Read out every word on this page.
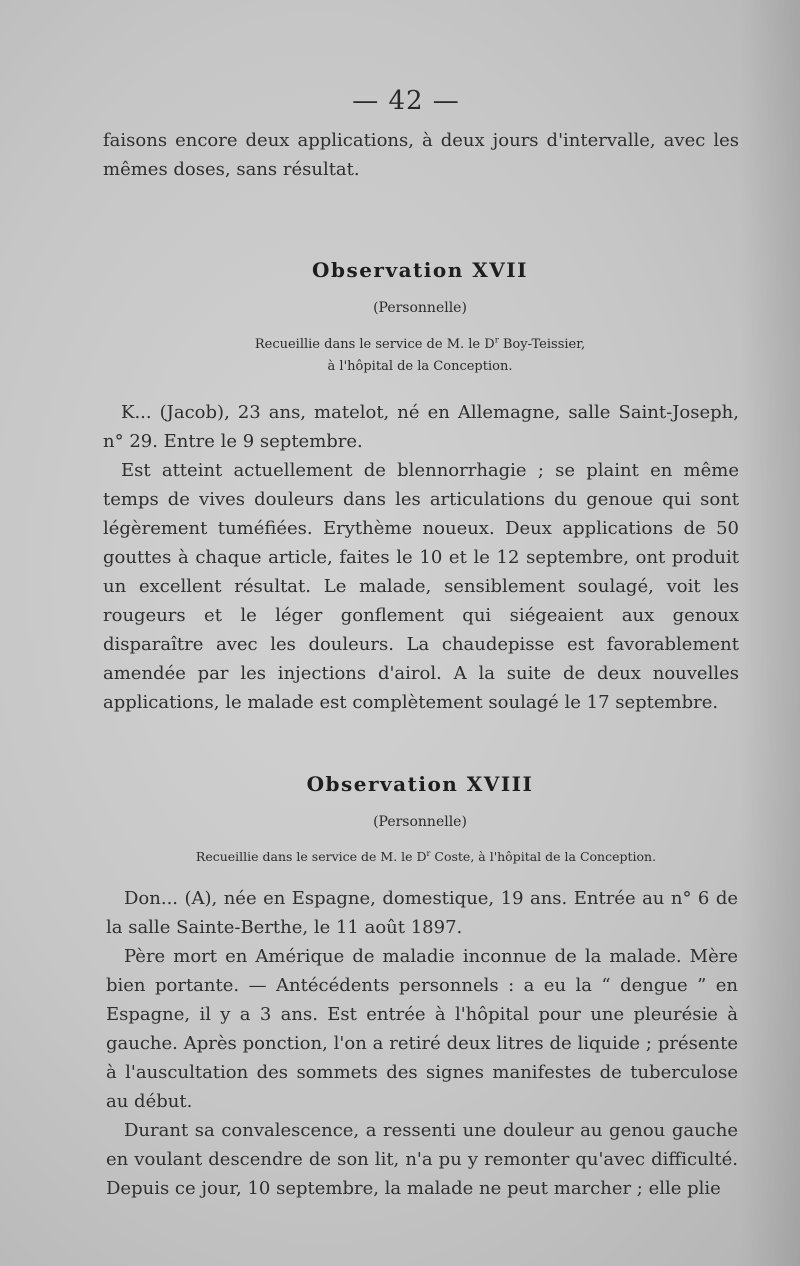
— 42 —

faisons encore deux applications, à deux jours d'intervalle, avec les mêmes doses, sans résultat.

Observation XVII
(Personnelle)
Recueillie dans le service de M. le $D^r$ Boy-Teissier,
à l'hôpital de la Conception.

K... (Jacob), 23 ans, matelot, né en Allemagne, salle Saint-Joseph, n° 29. Entre le 9 septembre.

Est atteint actuellement de blennorrhagie ; se plaint en même temps de vives douleurs dans les articulations du genoue qui sont légèrement tuméfiées. Erythème noueux. Deux applications de 50 gouttes à chaque article, faites le 10 et le 12 septembre, ont produit un excellent résultat. Le malade, sensiblement soulagé, voit les rougeurs et le léger gonflement qui siégeaient aux genoux disparaître avec les douleurs. La chaudepisse est favorablement amendée par les injections d'airol. A la suite de deux nouvelles applications, le malade est complètement soulagé le 17 septembre.

Observation XVIII
(Personnelle)
Recueillie dans le service de M. le $D^r$ Coste, à l'hôpital de la Conception.

Don... (A), née en Espagne, domestique, 19 ans. Entrée au n° 6 de la salle Sainte-Berthe, le 11 août 1897.

Père mort en Amérique de maladie inconnue de la malade. Mère bien portante. — Antécédents personnels : a eu la “ dengue ” en Espagne, il y a 3 ans. Est entrée à l'hôpital pour une pleurésie à gauche. Après ponction, l'on a retiré deux litres de liquide ; présente à l'auscultation des sommets des signes manifestes de tuberculose au début.

Durant sa convalescence, a ressenti une douleur au genou gauche en voulant descendre de son lit, n'a pu y remonter qu'avec difficulté. Depuis ce jour, 10 septembre, la malade ne peut marcher ; elle plie
